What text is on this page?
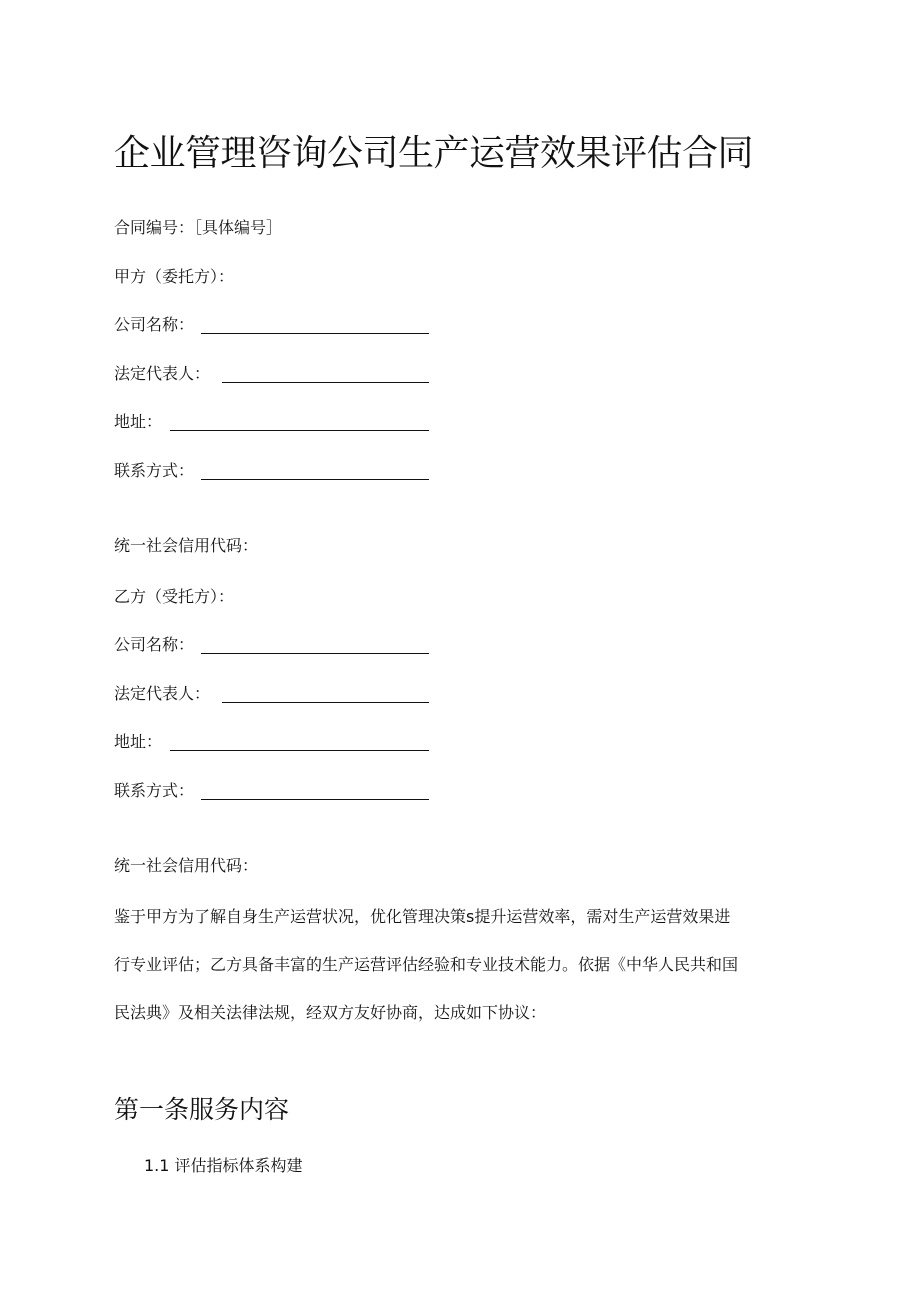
企业管理咨询公司生产运营效果评估合同
合同编号：［具体编号］
甲方（委托方）：
公司名称：
法定代表人：
地址：
联系方式：
统一社会信用代码：
乙方（受托方）：
公司名称：
法定代表人：
地址：
联系方式：
统一社会信用代码：
鉴于甲方为了解自身生产运营状况，优化管理决策s提升运营效率，需对生产运营效果进
行专业评估；乙方具备丰富的生产运营评估经验和专业技术能力。依据《中华人民共和国
民法典》及相关法律法规，经双方友好协商，达成如下协议：
第一条服务内容
1.1 评估指标体系构建
